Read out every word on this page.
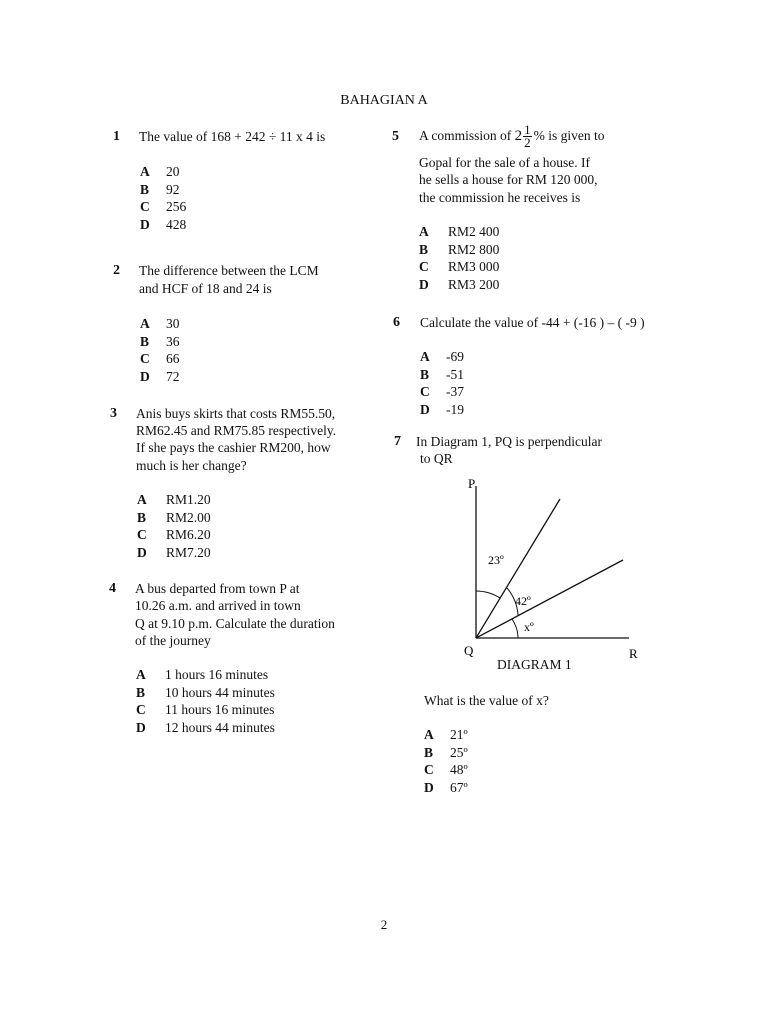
BAHAGIAN A
1 The value of 168 + 242 ÷ 11 x 4 is
A 20
B 92
C 256
D 428
2 The difference between the LCM
and HCF of 18 and 24 is
A 30
B 36
C 66
D 72
3 Anis buys skirts that costs RM55.50,
RM62.45 and RM75.85 respectively.
If she pays the cashier RM200, how
much is her change?
A RM1.20
B RM2.00
C RM6.20
D RM7.20
4 A bus departed from town P at
10.26 a.m. and arrived in town
Q at 9.10 p.m. Calculate the duration
of the journey
A 1 hours 16 minutes
B 10 hours 44 minutes
C 11 hours 16 minutes
D 12 hours 44 minutes
5 A commission of $2 \frac{1}{2}$ % is given to
Gopal for the sale of a house. If
he sells a house for RM 120 000,
the commission he receives is
A RM2 400
B RM2 800
C RM3 000
D RM3 200
6 Calculate the value of -44 + (-16 ) – ( -9 )
A -69
B -51
C -37
D -19
7 In Diagram 1, PQ is perpendicular
to QR
P
Q	R
23º
42º
xº
DIAGRAM 1
What is the value of x?
A 21º
B 25º
C 48º
D 67º
2
